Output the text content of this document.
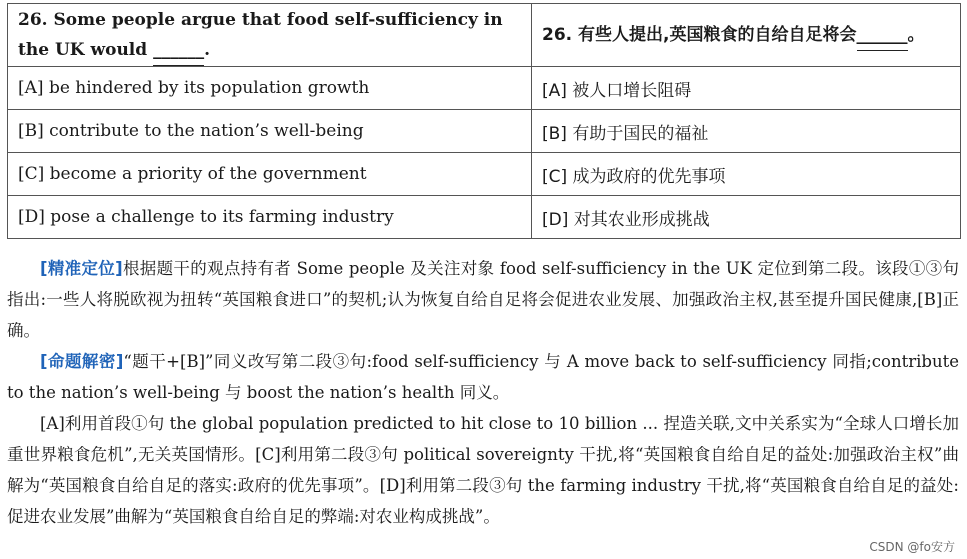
26. Some people argue that food self-sufficiency in the UK would ______.	26. 有些人提出,英国粮食的自给自足将会______。
[A] be hindered by its population growth	[A] 被人口增长阻碍
[B] contribute to the nation’s well-being	[B] 有助于国民的福祉
[C] become a priority of the government	[C] 成为政府的优先事项
[D] pose a challenge to its farming industry	[D] 对其农业形成挑战

[精准定位]根据题干的观点持有者 Some people 及关注对象 food self-sufficiency in the UK 定位到第二段。该段①③句指出:一些人将脱欧视为扭转“英国粮食进口”的契机;认为恢复自给自足将会促进农业发展、加强政治主权,甚至提升国民健康,[B]正确。

[命题解密]“题干+[B]”同义改写第二段③句:food self-sufficiency 与 A move back to self-sufficiency 同指;contribute to the nation’s well-being 与 boost the nation’s health 同义。

[A]利用首段①句 the global population predicted to hit close to 10 billion ... 捏造关联,文中关系实为“全球人口增长加重世界粮食危机”,无关英国情形。[C]利用第二段③句 political sovereignty 干扰,将“英国粮食自给自足的益处:加强政治主权”曲解为“英国粮食自给自足的落实:政府的优先事项”。[D]利用第二段③句 the farming industry 干扰,将“英国粮食自给自足的益处:促进农业发展”曲解为“英国粮食自给自足的弊端:对农业构成挑战”。

CSDN @fo安方
